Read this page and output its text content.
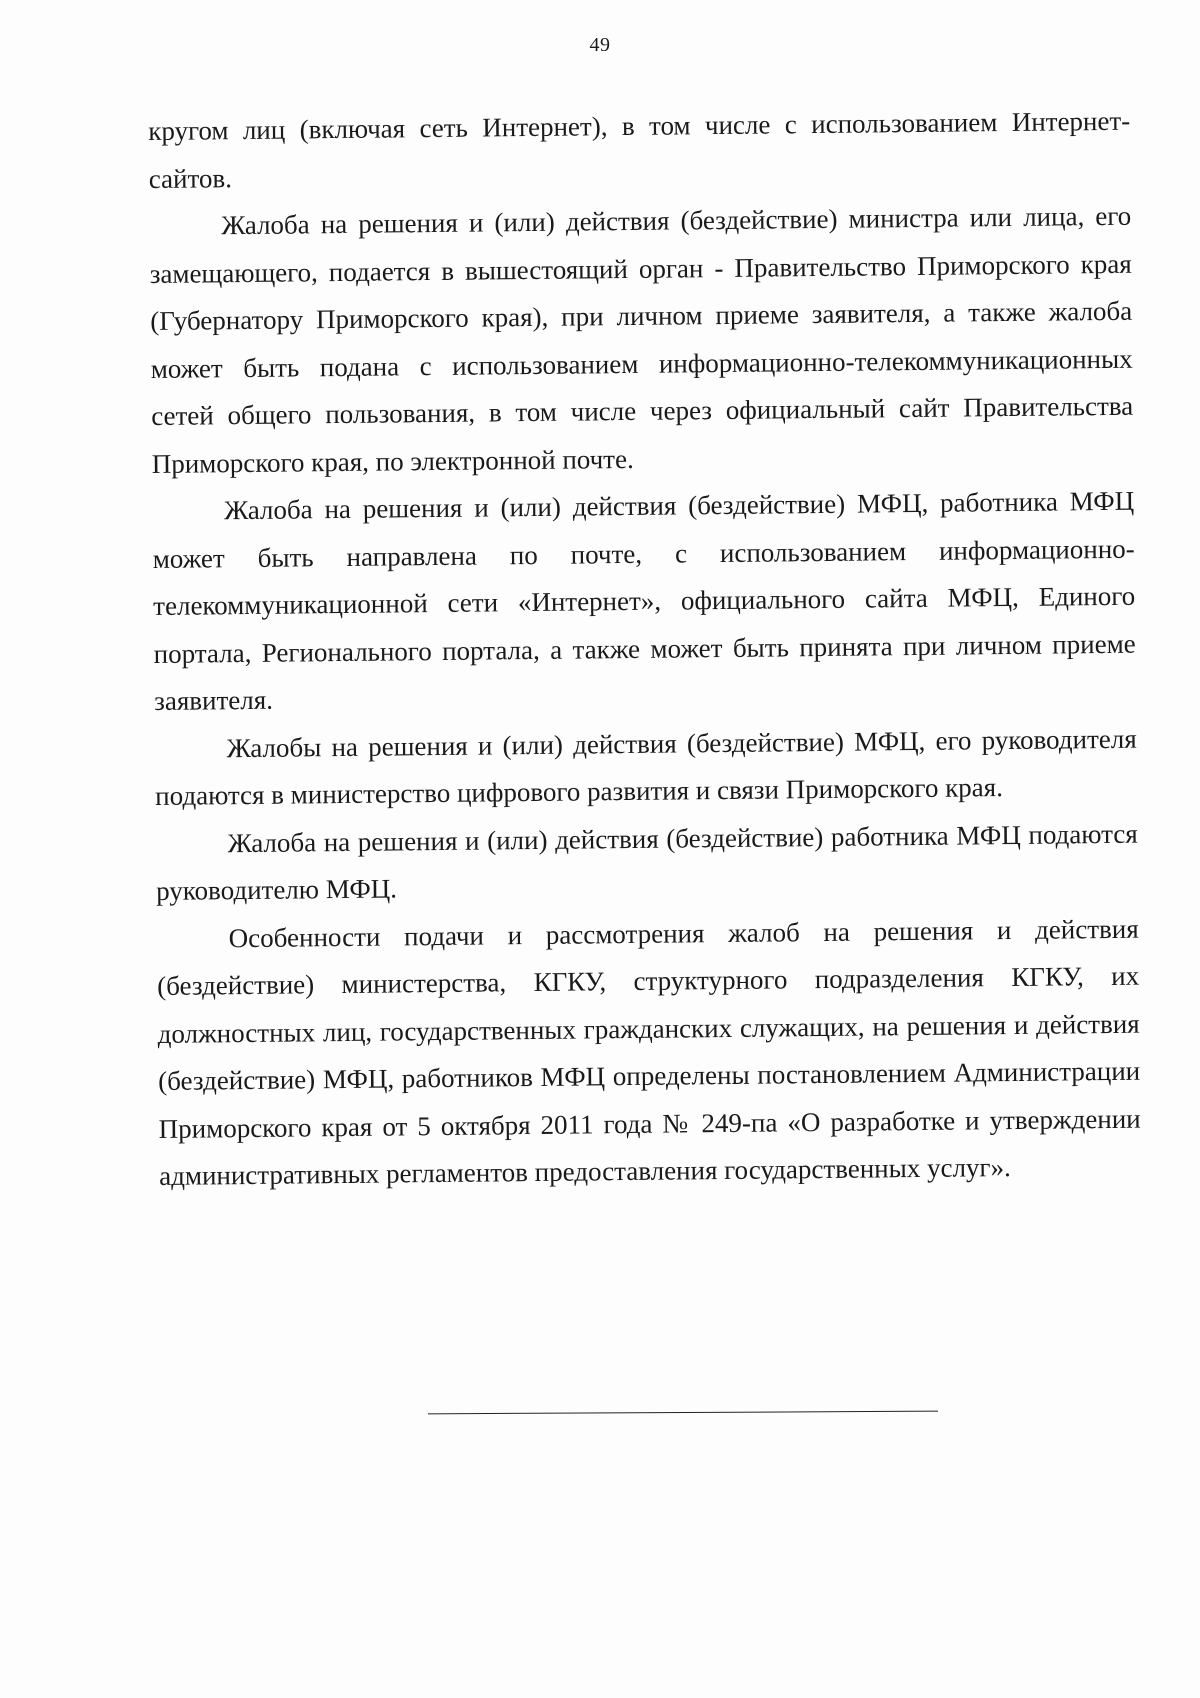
49

кругом лиц (включая сеть Интернет), в том числе с использованием Интернет-сайтов.

Жалоба на решения и (или) действия (бездействие) министра или лица, его замещающего, подается в вышестоящий орган - Правительство Приморского края (Губернатору Приморского края), при личном приеме заявителя, а также жалоба может быть подана с использованием информационно-телекоммуникационных сетей общего пользования, в том числе через официальный сайт Правительства Приморского края, по электронной почте.

Жалоба на решения и (или) действия (бездействие) МФЦ, работника МФЦ может быть направлена по почте, с использованием информационно-телекоммуникационной сети «Интернет», официального сайта МФЦ, Единого портала, Регионального портала, а также может быть принята при личном приеме заявителя.

Жалобы на решения и (или) действия (бездействие) МФЦ, его руководителя подаются в министерство цифрового развития и связи Приморского края.

Жалоба на решения и (или) действия (бездействие) работника МФЦ подаются руководителю МФЦ.

Особенности подачи и рассмотрения жалоб на решения и действия (бездействие) министерства, КГКУ, структурного подразделения КГКУ, их должностных лиц, государственных гражданских служащих, на решения и действия (бездействие) МФЦ, работников МФЦ определены постановлением Администрации Приморского края от 5 октября 2011 года № 249-па «О разработке и утверждении административных регламентов предоставления государственных услуг».
